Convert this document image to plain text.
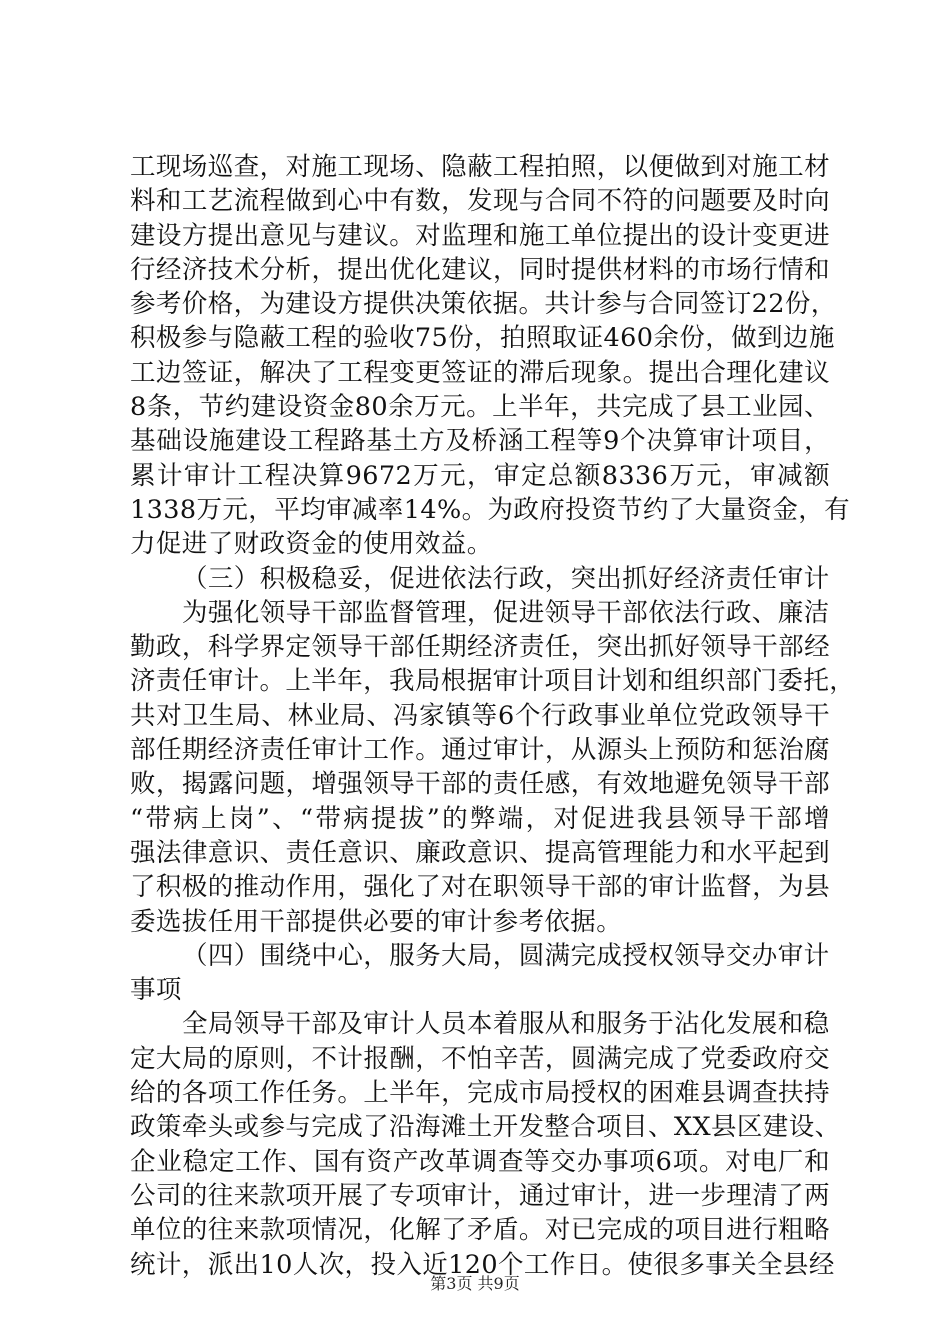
工现场巡查，对施工现场、隐蔽工程拍照，以便做到对施工材
料和工艺流程做到心中有数，发现与合同不符的问题要及时向
建设方提出意见与建议。对监理和施工单位提出的设计变更进
行经济技术分析，提出优化建议，同时提供材料的市场行情和
参考价格，为建设方提供决策依据。共计参与合同签订22份，
积极参与隐蔽工程的验收75份，拍照取证460余份，做到边施
工边签证，解决了工程变更签证的滞后现象。提出合理化建议
8条，节约建设资金80余万元。上半年，共完成了县工业园、
基础设施建设工程路基土方及桥涵工程等9个决算审计项目，
累计审计工程决算9672万元，审定总额8336万元，审减额
1338万元，平均审减率14%。为政府投资节约了大量资金，有
力促进了财政资金的使用效益。
（三）积极稳妥，促进依法行政，突出抓好经济责任审计
为强化领导干部监督管理，促进领导干部依法行政、廉洁
勤政，科学界定领导干部任期经济责任，突出抓好领导干部经
济责任审计。上半年，我局根据审计项目计划和组织部门委托，
共对卫生局、林业局、冯家镇等6个行政事业单位党政领导干
部任期经济责任审计工作。通过审计，从源头上预防和惩治腐
败，揭露问题，增强领导干部的责任感，有效地避免领导干部
“带病上岗”、“带病提拔”的弊端，对促进我县领导干部增
强法律意识、责任意识、廉政意识、提高管理能力和水平起到
了积极的推动作用，强化了对在职领导干部的审计监督，为县
委选拔任用干部提供必要的审计参考依据。
（四）围绕中心，服务大局，圆满完成授权领导交办审计
事项
全局领导干部及审计人员本着服从和服务于沾化发展和稳
定大局的原则，不计报酬，不怕辛苦，圆满完成了党委政府交
给的各项工作任务。上半年，完成市局授权的困难县调查扶持
政策牵头或参与完成了沿海滩土开发整合项目、XX县区建设、
企业稳定工作、国有资产改革调查等交办事项6项。对电厂和
公司的往来款项开展了专项审计，通过审计，进一步理清了两
单位的往来款项情况，化解了矛盾。对已完成的项目进行粗略
统计，派出10人次，投入近120个工作日。使很多事关全县经
第3页 共9页
